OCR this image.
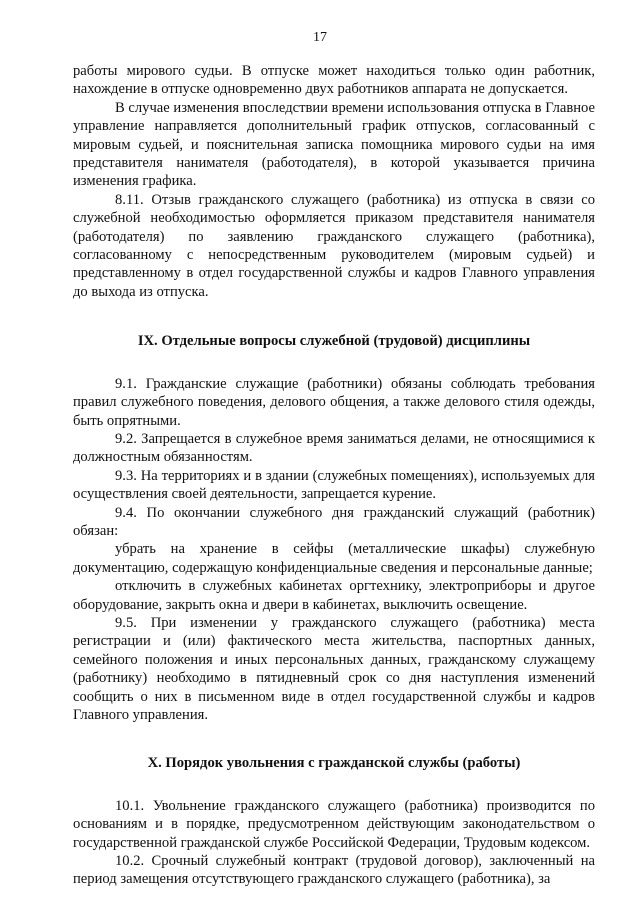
17

работы мирового судьи. В отпуске может находиться только один работник, нахождение в отпуске одновременно двух работников аппарата не допускается.

В случае изменения впоследствии времени использования отпуска в Главное управление направляется дополнительный график отпусков, согласованный с мировым судьей, и пояснительная записка помощника мирового судьи на имя представителя нанимателя (работодателя), в которой указывается причина изменения графика.

8.11. Отзыв гражданского служащего (работника) из отпуска в связи со служебной необходимостью оформляется приказом представителя нанимателя (работодателя) по заявлению гражданского служащего (работника), согласованному с непосредственным руководителем (мировым судьей) и представленному в отдел государственной службы и кадров Главного управления до выхода из отпуска.

IX. Отдельные вопросы служебной (трудовой) дисциплины

9.1. Гражданские служащие (работники) обязаны соблюдать требования правил служебного поведения, делового общения, а также делового стиля одежды, быть опрятными.

9.2. Запрещается в служебное время заниматься делами, не относящимися к должностным обязанностям.

9.3. На территориях и в здании (служебных помещениях), используемых для осуществления своей деятельности, запрещается курение.

9.4. По окончании служебного дня гражданский служащий (работник) обязан:

убрать на хранение в сейфы (металлические шкафы) служебную документацию, содержащую конфиденциальные сведения и персональные данные;

отключить в служебных кабинетах оргтехнику, электроприборы и другое оборудование, закрыть окна и двери в кабинетах, выключить освещение.

9.5. При изменении у гражданского служащего (работника) места регистрации и (или) фактического места жительства, паспортных данных, семейного положения и иных персональных данных, гражданскому служащему (работнику) необходимо в пятидневный срок со дня наступления изменений сообщить о них в письменном виде в отдел государственной службы и кадров Главного управления.

X. Порядок увольнения с гражданской службы (работы)

10.1. Увольнение гражданского служащего (работника) производится по основаниям и в порядке, предусмотренном действующим законодательством о государственной гражданской службе Российской Федерации, Трудовым кодексом.

10.2. Срочный служебный контракт (трудовой договор), заключенный на период замещения отсутствующего гражданского служащего (работника), за
